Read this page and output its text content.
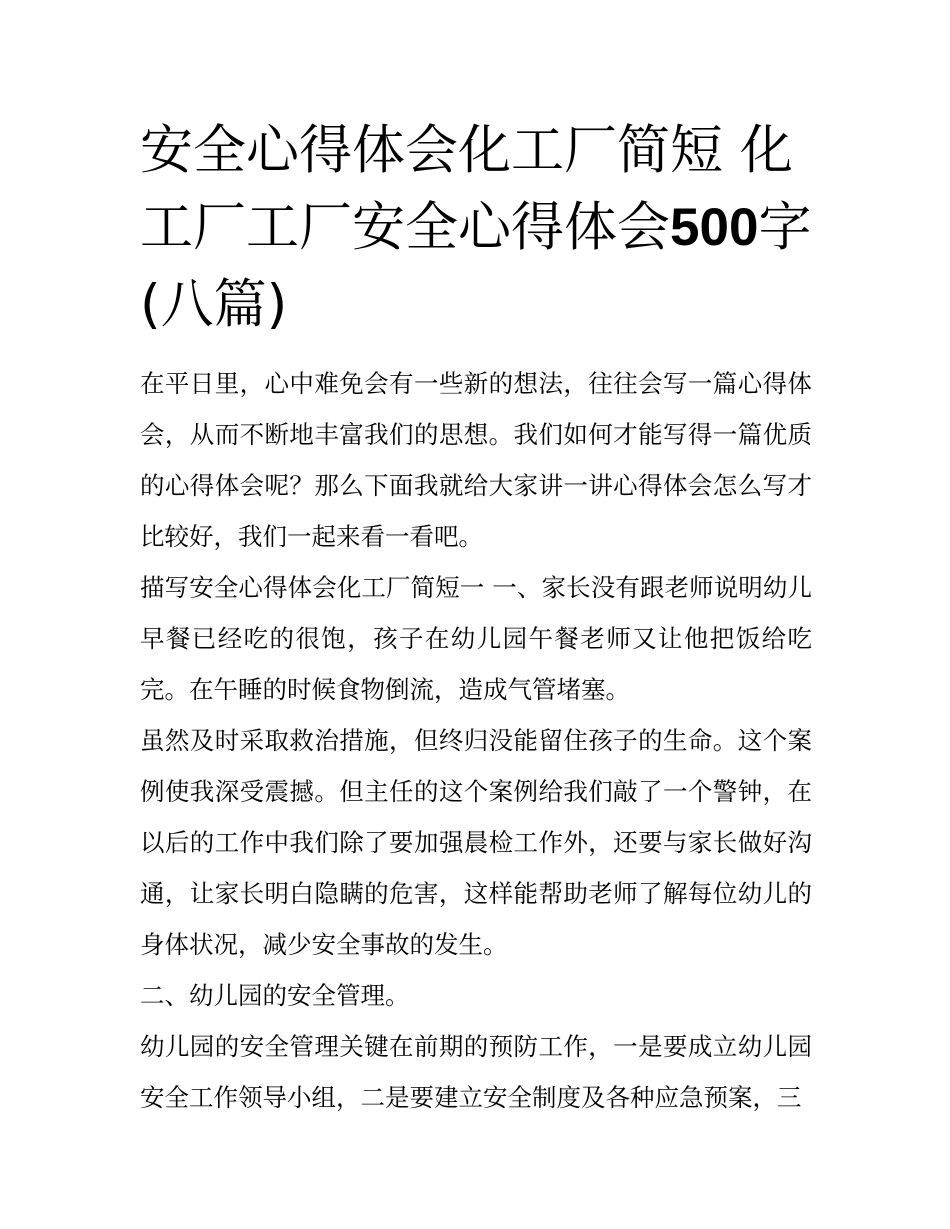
安全心得体会化工厂简短 化工厂工厂安全心得体会500字(八篇)

在平日里，心中难免会有一些新的想法，往往会写一篇心得体会，从而不断地丰富我们的思想。我们如何才能写得一篇优质的心得体会呢？那么下面我就给大家讲一讲心得体会怎么写才比较好，我们一起来看一看吧。

描写安全心得体会化工厂简短一 一、家长没有跟老师说明幼儿早餐已经吃的很饱，孩子在幼儿园午餐老师又让他把饭给吃完。在午睡的时候食物倒流，造成气管堵塞。

虽然及时采取救治措施，但终归没能留住孩子的生命。这个案例使我深受震撼。但主任的这个案例给我们敲了一个警钟，在以后的工作中我们除了要加强晨检工作外，还要与家长做好沟通，让家长明白隐瞒的危害，这样能帮助老师了解每位幼儿的身体状况，减少安全事故的发生。

二、幼儿园的安全管理。

幼儿园的安全管理关键在前期的预防工作，一是要成立幼儿园安全工作领导小组，二是要建立安全制度及各种应急预案，三
